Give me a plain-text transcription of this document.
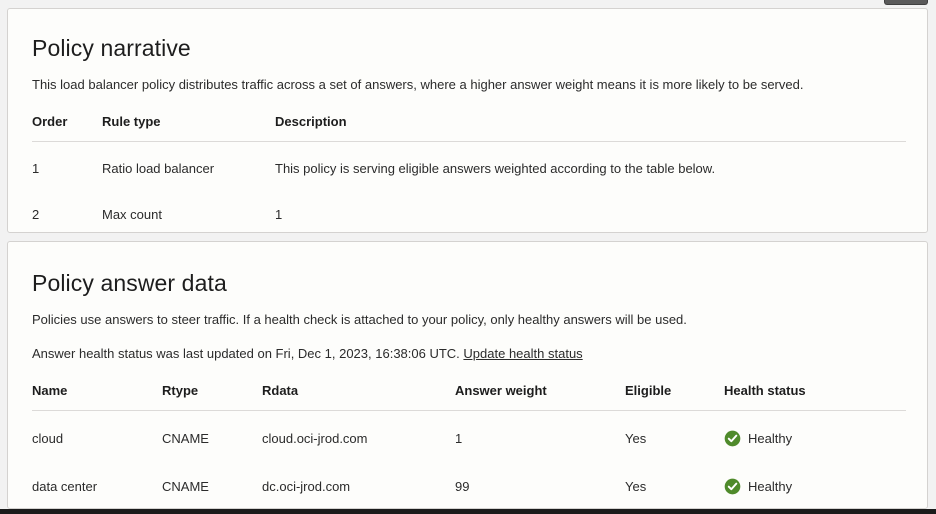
Policy narrative

This load balancer policy distributes traffic across a set of answers, where a higher answer weight means it is more likely to be served.

Order	Rule type	Description
1	Ratio load balancer	This policy is serving eligible answers weighted according to the table below.
2	Max count	1
Policy answer data

Policies use answers to steer traffic. If a health check is attached to your policy, only healthy answers will be used.

Answer health status was last updated on Fri, Dec 1, 2023, 16:38:06 UTC. Update health status

Name	Rtype	Rdata	Answer weight	Eligible	Health status
cloud	CNAME	cloud.oci-jrod.com	1	Yes	Healthy

data center	CNAME	dc.oci-jrod.com	99	Yes	Healthy
